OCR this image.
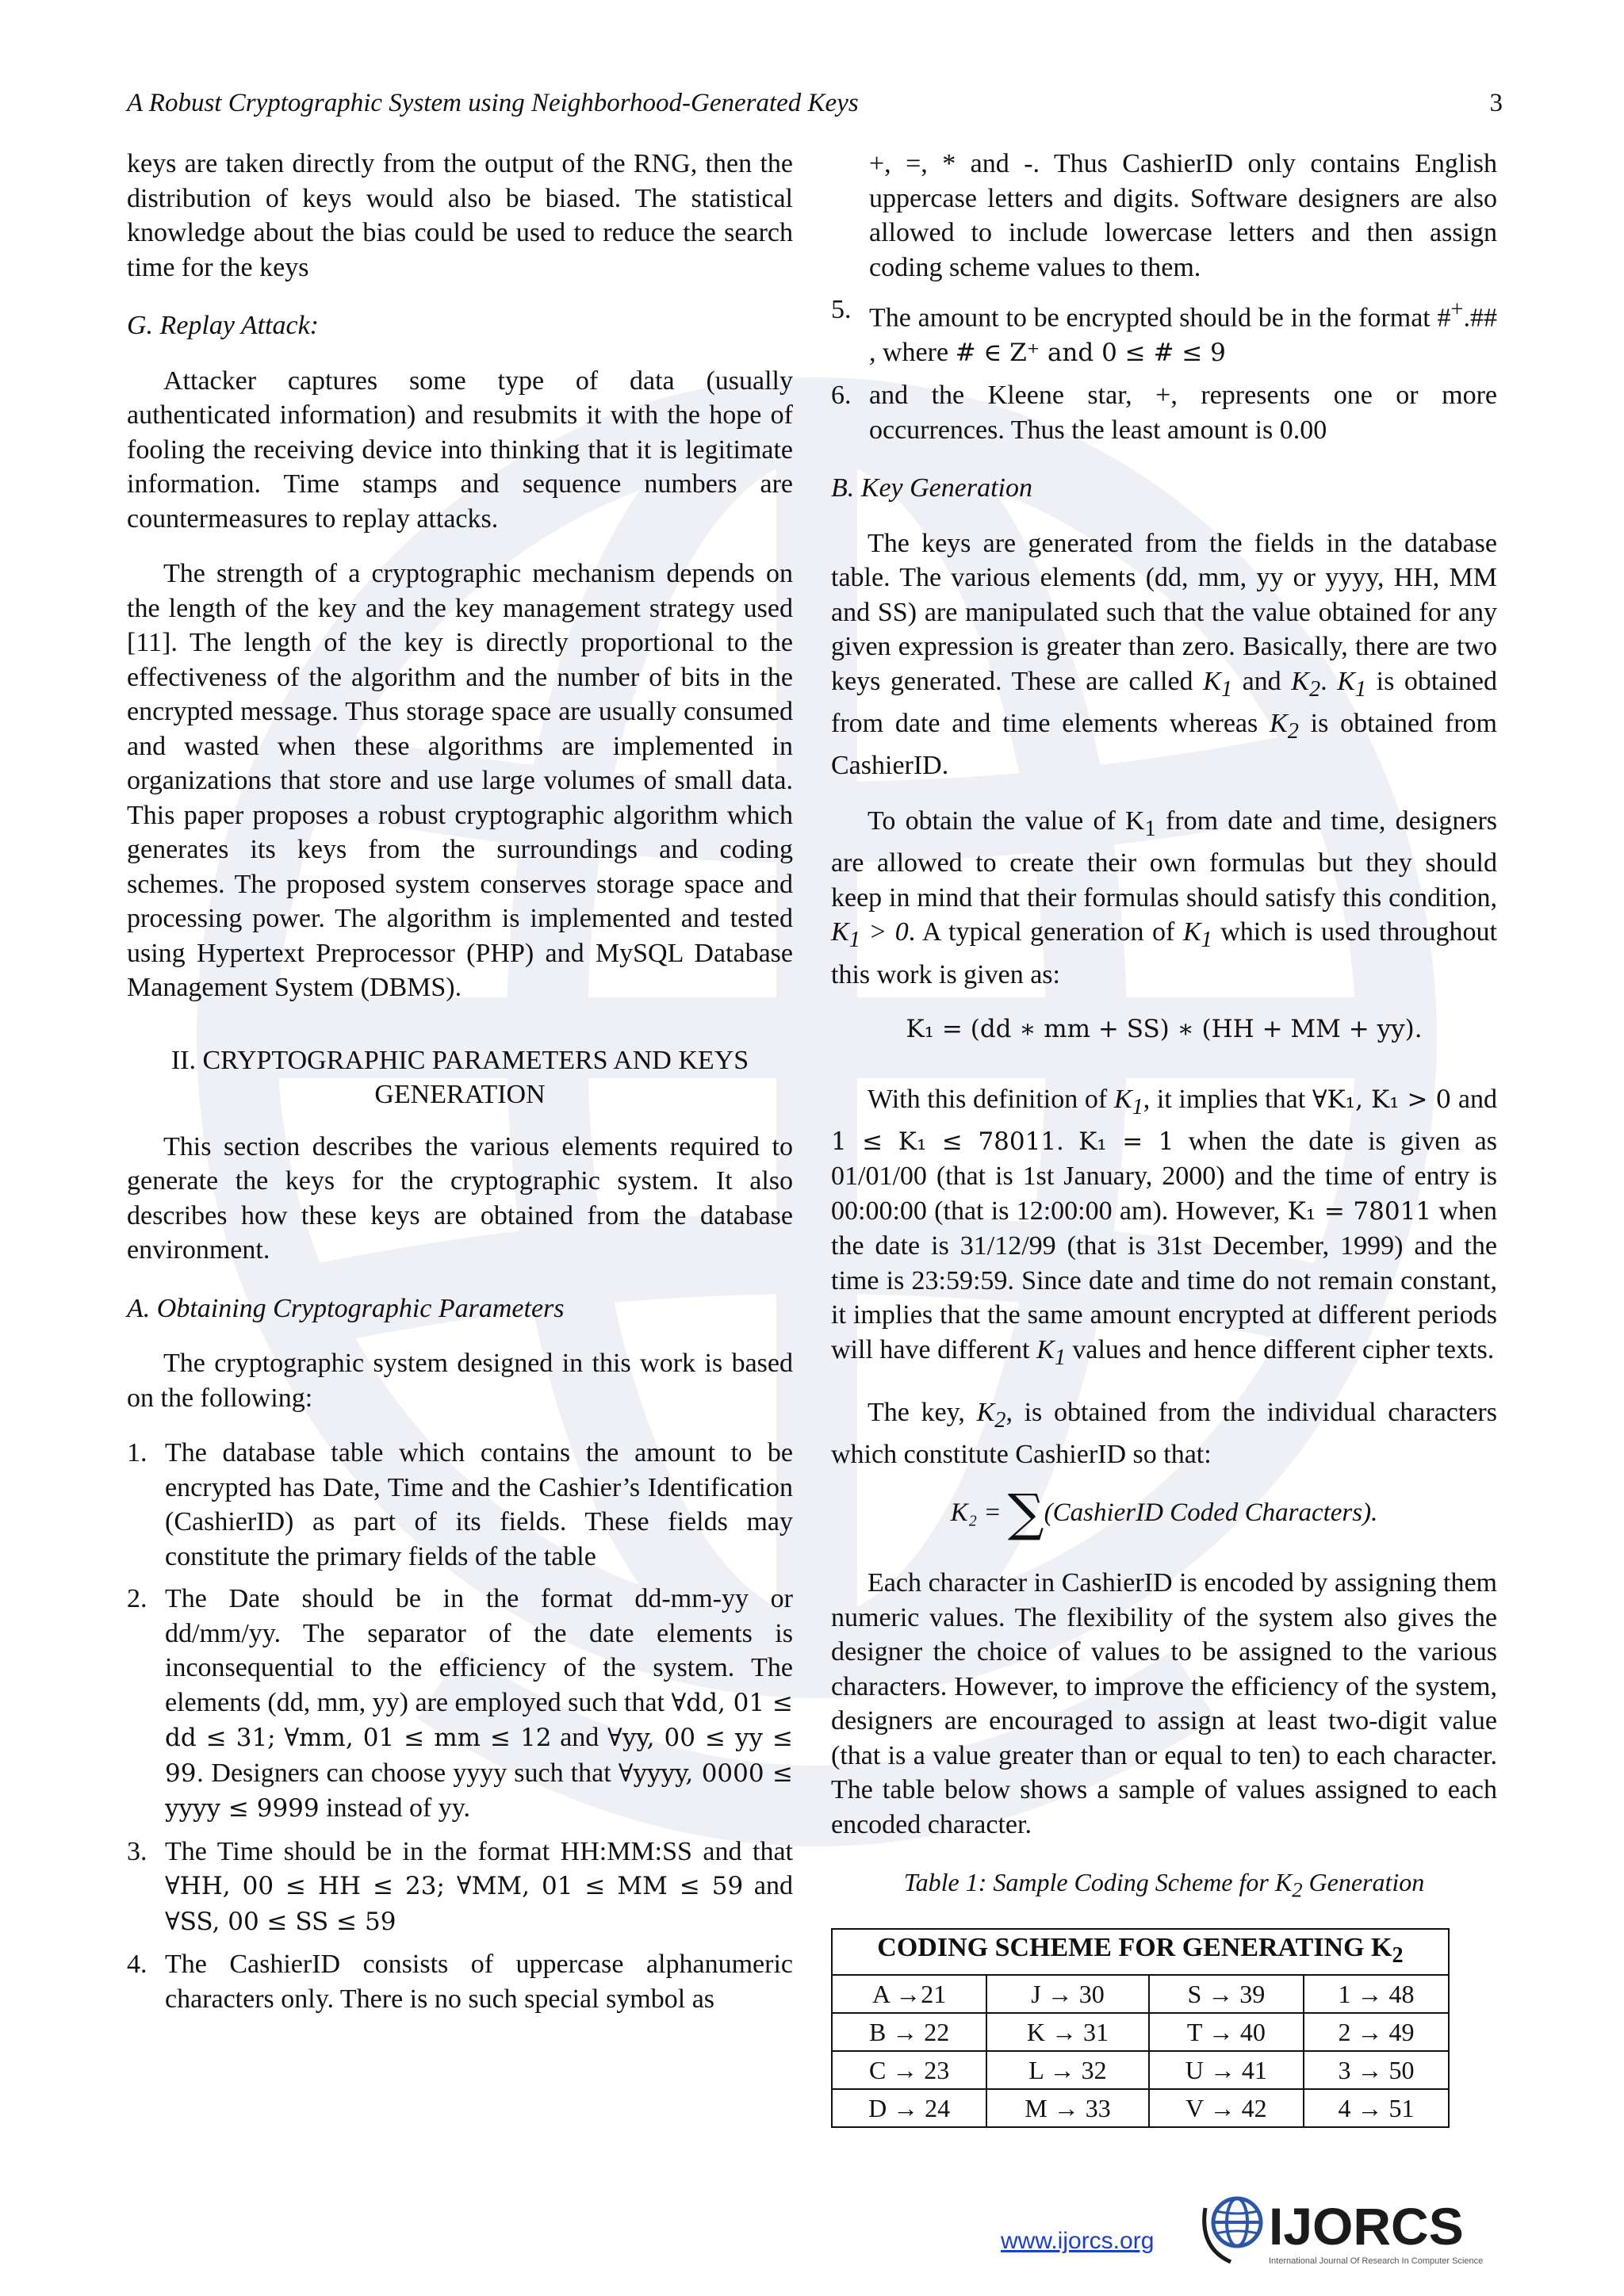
A Robust Cryptographic System using Neighborhood-Generated Keys	3

keys are taken directly from the output of the RNG, then the distribution of keys would also be biased. The statistical knowledge about the bias could be used to reduce the search time for the keys

G. Replay Attack:

Attacker captures some type of data (usually authenticated information) and resubmits it with the hope of fooling the receiving device into thinking that it is legitimate information. Time stamps and sequence numbers are countermeasures to replay attacks.

The strength of a cryptographic mechanism depends on the length of the key and the key management strategy used [11]. The length of the key is directly proportional to the effectiveness of the algorithm and the number of bits in the encrypted message. Thus storage space are usually consumed and wasted when these algorithms are implemented in organizations that store and use large volumes of small data. This paper proposes a robust cryptographic algorithm which generates its keys from the surroundings and coding schemes. The proposed system conserves storage space and processing power. The algorithm is implemented and tested using Hypertext Preprocessor (PHP) and MySQL Database Management System (DBMS).

II. CRYPTOGRAPHIC PARAMETERS AND KEYS GENERATION

This section describes the various elements required to generate the keys for the cryptographic system. It also describes how these keys are obtained from the database environment.

A. Obtaining Cryptographic Parameters

The cryptographic system designed in this work is based on the following:

1. The database table which contains the amount to be encrypted has Date, Time and the Cashier’s Identification (CashierID) as part of its fields. These fields may constitute the primary fields of the table
2. The Date should be in the format dd-mm-yy or dd/mm/yy. The separator of the date elements is inconsequential to the efficiency of the system. The elements (dd, mm, yy) are employed such that ∀dd, 01 ≤ dd ≤ 31; ∀mm, 01 ≤ mm ≤ 12 and ∀yy, 00 ≤ yy ≤ 99. Designers can choose yyyy such that ∀yyyy, 0000 ≤ yyyy ≤ 9999 instead of yy.
3. The Time should be in the format HH:MM:SS and that ∀HH, 00 ≤ HH ≤ 23; ∀MM, 01 ≤ MM ≤ 59 and ∀SS, 00 ≤ SS ≤ 59
4. The CashierID consists of uppercase alphanumeric characters only. There is no such special symbol as
+, =, * and -. Thus CashierID only contains English uppercase letters and digits. Software designers are also allowed to include lowercase letters and then assign coding scheme values to them.
5. The amount to be encrypted should be in the format #+.## , where # ∈ Z⁺ and 0 ≤ # ≤ 9
6. and the Kleene star, +, represents one or more occurrences. Thus the least amount is 0.00
B. Key Generation

The keys are generated from the fields in the database table. The various elements (dd, mm, yy or yyyy, HH, MM and SS) are manipulated such that the value obtained for any given expression is greater than zero. Basically, there are two keys generated. These are called $K_1$ and $K_2$. $K_1$ is obtained from date and time elements whereas $K_2$ is obtained from CashierID.

To obtain the value of $K_1$ from date and time, designers are allowed to create their own formulas but they should keep in mind that their formulas should satisfy this condition, $K_1 > 0$. A typical generation of $K_1$ which is used throughout this work is given as:

K₁ = (dd ∗ mm + SS) ∗ (HH + MM + yy).

With this definition of $K_1$, it implies that ∀K₁, K₁ > 0 and 1 ≤ K₁ ≤ 78011. K₁ = 1 when the date is given as 01/01/00 (that is 1st January, 2000) and the time of entry is 00:00:00 (that is 12:00:00 am). However, K₁ = 78011 when the date is 31/12/99 (that is 31st December, 1999) and the time is 23:59:59. Since date and time do not remain constant, it implies that the same amount encrypted at different periods will have different $K_1$ values and hence different cipher texts.

The key, $K_2$, is obtained from the individual characters which constitute CashierID so that:

K₂ = ∑(CashierID Coded Characters).

Each character in CashierID is encoded by assigning them numeric values. The flexibility of the system also gives the designer the choice of values to be assigned to the various characters. However, to improve the efficiency of the system, designers are encouraged to assign at least two-digit value (that is a value greater than or equal to ten) to each character. The table below shows a sample of values assigned to each encoded character.

Table 1: Sample Coding Scheme for $K_2$ Generation
CODING SCHEME FOR GENERATING $K_2$
A →21	J → 30	S → 39	1 → 48
B → 22	K → 31	T → 40	2 → 49
C → 23	L → 32	U → 41	3 → 50
D → 24	M → 33	V → 42	4 → 51
www.ijorcs.org IJORCS
International Journal Of Research In Computer Science
